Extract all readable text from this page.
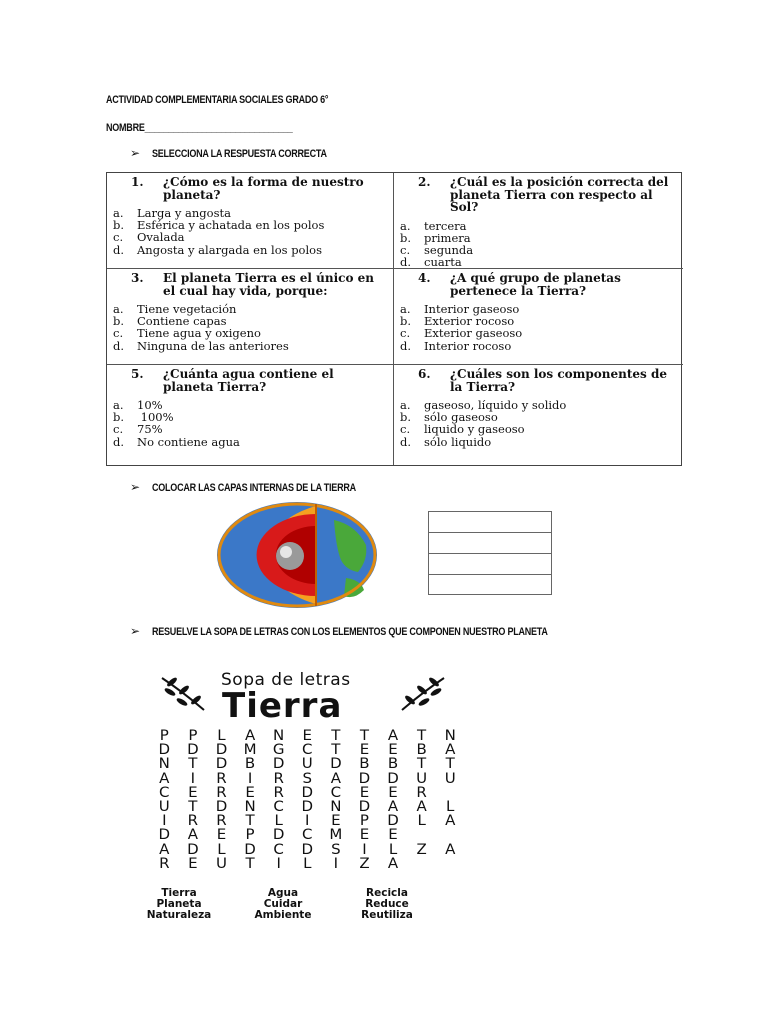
ACTIVIDAD COMPLEMENTARIA SOCIALES GRADO 6°
NOMBRE_______________________________
➢ SELECCIONA LA RESPUESTA CORRECTA
1.	¿Cómo es la forma de nuestro planeta?
a.	Larga y angosta
b.	Esférica y achatada en los polos
c.	Ovalada
d.	Angosta y alargada en los polos
2.	¿Cuál es la posición correcta del planeta Tierra con respecto al Sol?
a.	tercera
b.	primera
c.	segunda
d.	cuarta
3.	El planeta Tierra es el único en el cual hay vida, porque:
a.	Tiene vegetación
b.	Contiene capas
c.	Tiene agua y oxigeno
d.	Ninguna de las anteriores
4.	¿A qué grupo de planetas pertenece la Tierra?
a.	Interior gaseoso
b.	Exterior rocoso
c.	Exterior gaseoso
d.	Interior rocoso
5.	¿Cuánta agua contiene el planeta Tierra?
a.	10%
b.	100%
c.	75%
d.	No contiene agua
6.	¿Cuáles son los componentes de la Tierra?
a.	gaseoso, líquido y solido
b.	sólo gaseoso
c.	liquido y gaseoso
d.	sólo liquido
➢ COLOCAR LAS CAPAS INTERNAS DE LA TIERRA
➢ RESUELVE LA SOPA DE LETRAS CON LOS ELEMENTOS QUE COMPONEN NUESTRO PLANETA
Sopa de letras
Tierra
P	P	L	A	N	E	T	T	A	T	N
D	D	D	M	G	C	T	E	E	B	A
N	T	D	B	D	U	D	B	B	T	T
A	I	R	I	R	S	A	D	D	U	U
C	E	R	E	R	D	C	E	E	R
U	T	D	N	C	D	N	D	A	A	L
I	R	R	T	L	I	E	P	D	L	A
D	A	E	P	D	C	M	E	E
A	D	L	D	C	D	S	I	L	Z	A
R	E	U	T	I	L	I	Z	A
Tierra
Planeta
Naturaleza
Agua
Cuidar
Ambiente
Recicla
Reduce
Reutiliza
